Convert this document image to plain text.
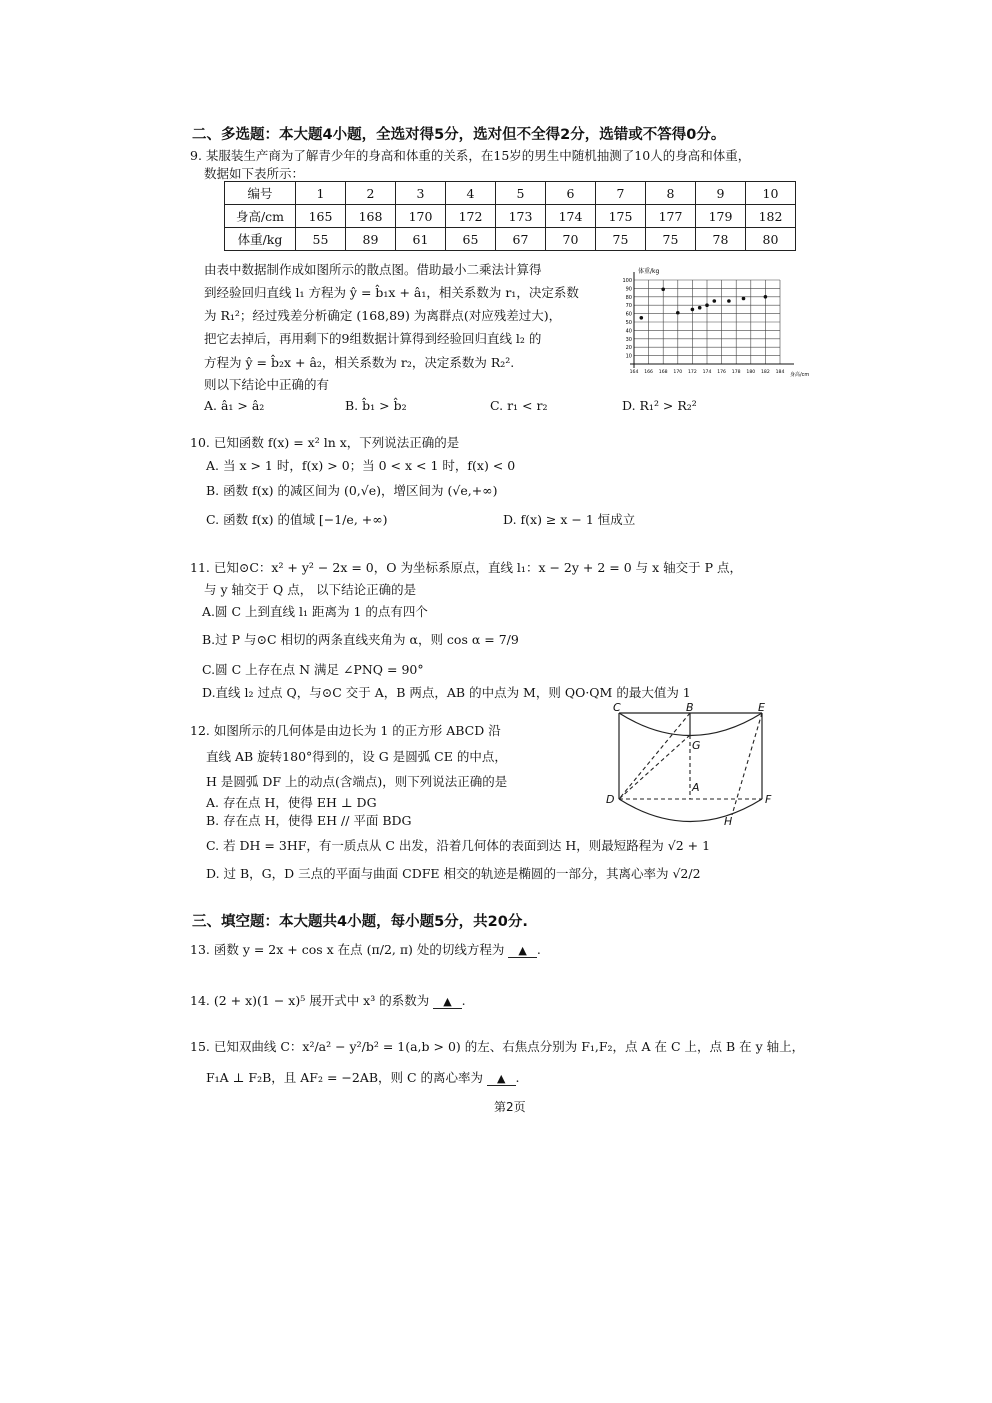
二、多选题：本大题4小题，全选对得5分，选对但不全得2分，选错或不答得0分。
9. 某服装生产商为了解青少年的身高和体重的关系，在15岁的男生中随机抽测了10人的身高和体重，
数据如下表所示：
编号	1	2	3	4	5	6	7	8	9	10
身高/cm	165	168	170	172	173	174	175	177	179	182
体重/kg	55	89	61	65	67	70	75	75	78	80
由表中数据制作成如图所示的散点图。借助最小二乘法计算得
到经验回归直线 l₁ 方程为 ŷ = b̂₁x + â₁，相关系数为 r₁，决定系数
为 R₁²；经过残差分析确定 (168,89) 为离群点(对应残差过大)，
把它去掉后，再用剩下的9组数据计算得到经验回归直线 l₂ 的
方程为 ŷ = b̂₂x + â₂，相关系数为 r₂，决定系数为 R₂².
则以下结论中正确的有
A. â₁ > â₂	B. b̂₁ > b̂₂	C. r₁ < r₂	D. R₁² > R₂²
10
20
30
40
50
60
70
80
90
100
164 166 168 170 172 174 176 178 180 182 184
体重/kg
身高/cm
10. 已知函数 f(x) = x² ln x，下列说法正确的是
A. 当 x > 1 时，f(x) > 0；当 0 < x < 1 时，f(x) < 0
B. 函数 f(x) 的减区间为 (0,√e)，增区间为 (√e,+∞)
C. 函数 f(x) 的值域 [−1/e, +∞)	D. f(x) ≥ x − 1 恒成立
11. 已知⊙C：x² + y² − 2x = 0，O 为坐标系原点，直线 l₁：x − 2y + 2 = 0 与 x 轴交于 P 点，
与 y 轴交于 Q 点， 以下结论正确的是
A.圆 C 上到直线 l₁ 距离为 1 的点有四个
B.过 P 与⊙C 相切的两条直线夹角为 α，则 cos α = 7/9
C.圆 C 上存在点 N 满足 ∠PNQ = 90°
D.直线 l₂ 过点 Q，与⊙C 交于 A，B 两点，AB 的中点为 M，则 QO·QM 的最大值为 1
12. 如图所示的几何体是由边长为 1 的正方形 ABCD 沿
直线 AB 旋转180°得到的，设 G 是圆弧 CE 的中点，
H 是圆弧 DF 上的动点(含端点)，则下列说法正确的是
A. 存在点 H，使得 EH ⊥ DG
B. 存在点 H，使得 EH // 平面 BDG
C. 若 DH = 3HF，有一质点从 C 出发，沿着几何体的表面到达 H，则最短路程为 √2 + 1
D. 过 B，G，D 三点的平面与曲面 CDFE 相交的轨迹是椭圆的一部分，其离心率为 √2/2
C	B	E
G
A
D	F
H
三、填空题：本大题共4小题，每小题5分，共20分.
13. 函数 y = 2x + cos x 在点 (π/2, π) 处的切线方程为 ▲ .
14. (2 + x)(1 − x)⁵ 展开式中 x³ 的系数为 ▲ .
15. 已知双曲线 C：x²/a² − y²/b² = 1(a,b > 0) 的左、右焦点分别为 F₁,F₂，点 A 在 C 上，点 B 在 y 轴上，
F₁A ⊥ F₂B，且 AF₂ = −2AB，则 C 的离心率为 ▲ .
第2页
